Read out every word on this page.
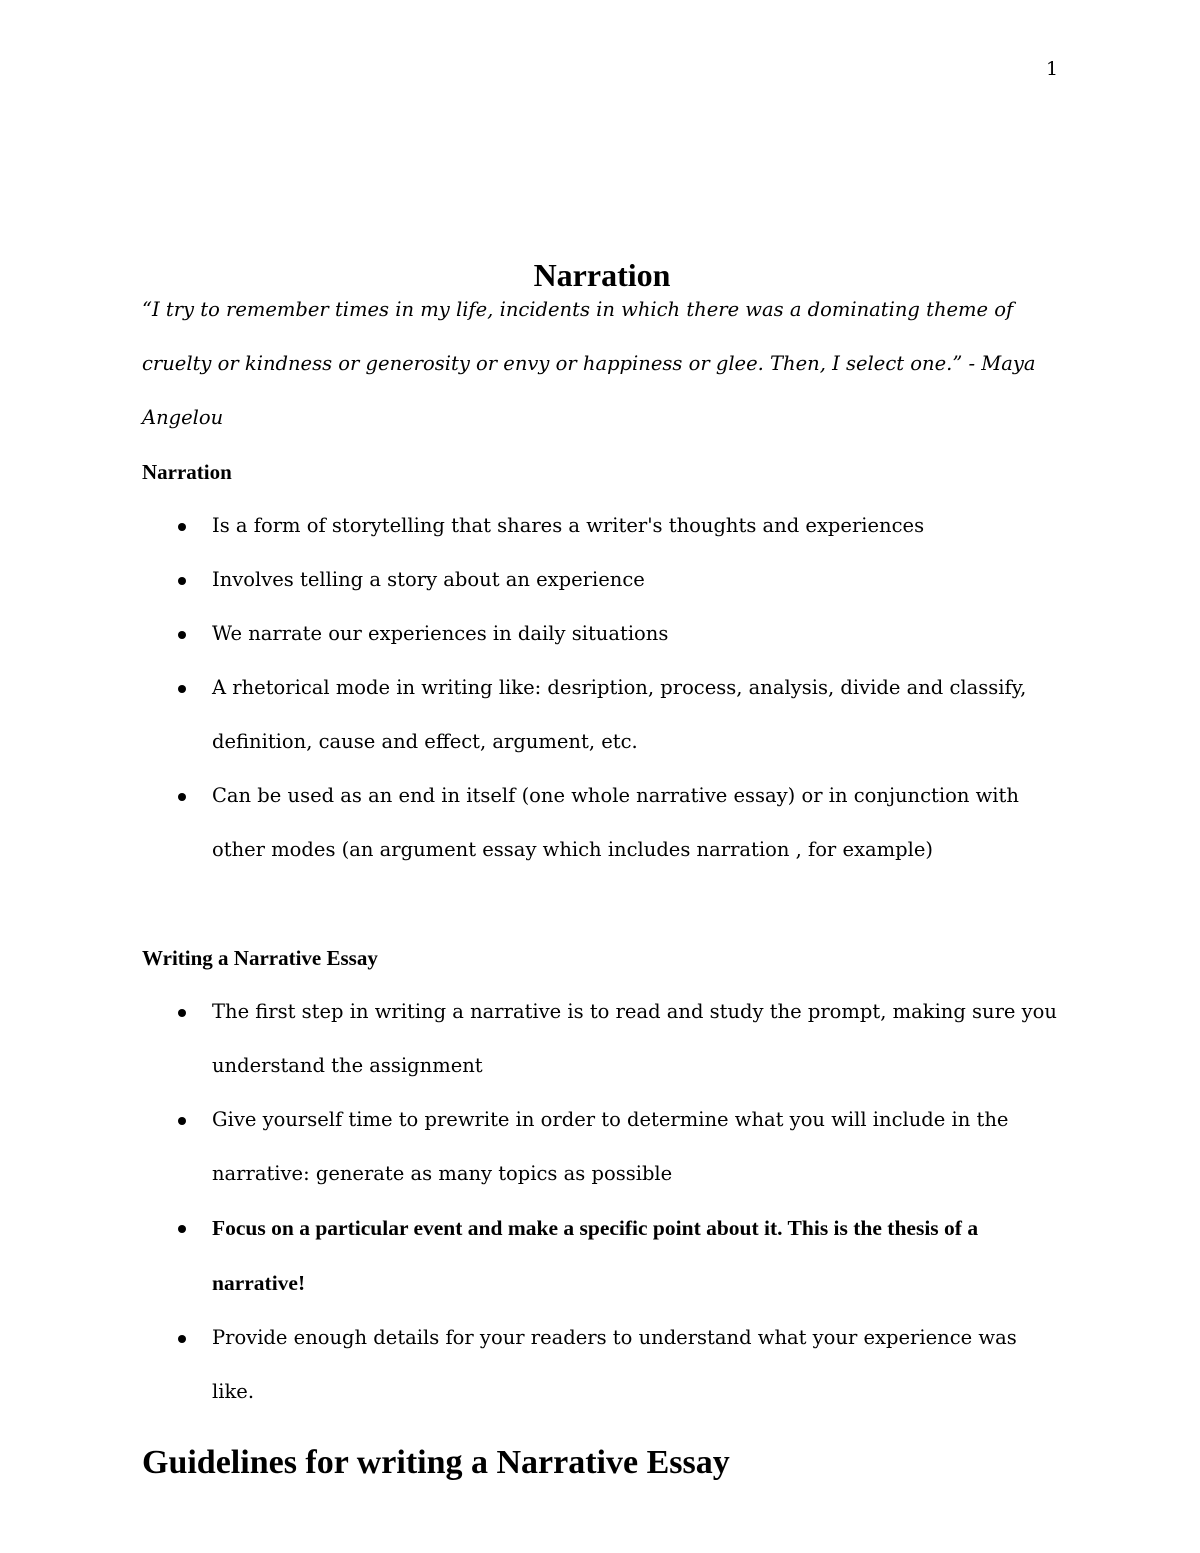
1
Narration

“I try to remember times in my life, incidents in which there was a dominating theme of cruelty or kindness or generosity or envy or happiness or glee. Then, I select one.” - Maya Angelou

Narration
Is a form of storytelling that shares a writer's thoughts and experiences
Involves telling a story about an experience
We narrate our experiences in daily situations
A rhetorical mode in writing like: desription, process, analysis, divide and classify, definition, cause and effect, argument, etc.
Can be used as an end in itself (one whole narrative essay) or in conjunction with other modes (an argument essay which includes narration , for example)
Writing a Narrative Essay
The first step in writing a narrative is to read and study the prompt, making sure you understand the assignment
Give yourself time to prewrite in order to determine what you will include in the narrative: generate as many topics as possible
Focus on a particular event and make a specific point about it. This is the thesis of a narrative!
Provide enough details for your readers to understand what your experience was like.
Guidelines for writing a Narrative Essay
